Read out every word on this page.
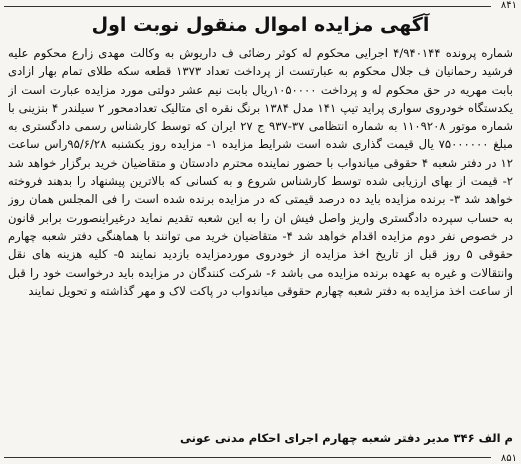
۸۴۱
آگهی مزایده اموال منقول نوبت اول

شماره پرونده ۴/۹۴۰۱۴۴ اجرایی محکوم له کوثر رضائی ف داریوش به وکالت مهدی زارع محکوم علیه فرشید رحمانیان ف جلال محکوم به عبارتست از پرداخت تعداد ۱۳۷۳ قطعه سکه طلای تمام بهار ازادی بابت مهریه در حق محکوم له و پرداخت ۱۰۵۰۰۰۰ریال بابت نیم عشر دولتی مورد مزایده عبارت است از یکدستگاه خودروی سواری پراید تیپ ۱۴۱ مدل ۱۳۸۴ برنگ نقره ای متالیک تعدادمحور ۲ سیلندر ۴ بنزینی با شماره موتور ۱۱۰۹۲۰۸ به شماره انتظامی ۳۷-۹۳۷ ج ۲۷ ایران که توسط کارشناس رسمی دادگستری به مبلغ ۷۵۰۰۰۰۰۰ یال قیمت گذاری شده است شرایط مزایده ۱- مزایده روز یکشنبه ۹۵/۶/۲۸راس ساعت ۱۲ در دفتر شعبه ۴ حقوقی میاندواب با حضور نماینده محترم دادستان و متقاضیان خرید برگزار خواهد شد ۲- قیمت از بهای ارزیابی شده توسط کارشناس شروع و به کسانی که بالاترین پیشنهاد را بدهند فروخته خواهد شد ۳- برنده مزایده باید ده درصد قیمتی که در مزایده برنده شده است را فی المجلس همان روز به حساب سپرده دادگستری واریز واصل فیش ان را به این شعبه تقدیم نماید درغیراینصورت برابر قانون در خصوص نفر دوم مزایده اقدام خواهد شد ۴- متقاضیان خرید می توانند با هماهنگی دفتر شعبه چهارم حقوقی ۵ روز قبل از تاریخ اخذ مزایده از خودروی موردمزایده بازدید نمایند ۵- کلیه هزینه های نقل وانتقالات و غیره به عهده برنده مزایده می باشد ۶- شرکت کنندگان در مزایده باید درخواست خود را قبل از ساعت اخذ مزایده به دفتر شعبه چهارم حقوقی میاندواب در پاکت لاک و مهر گذاشته و تحویل نمایند

م الف ۳۴۶ مدیر دفتر شعبه چهارم اجرای احکام مدنی عونی

۸۵۱
